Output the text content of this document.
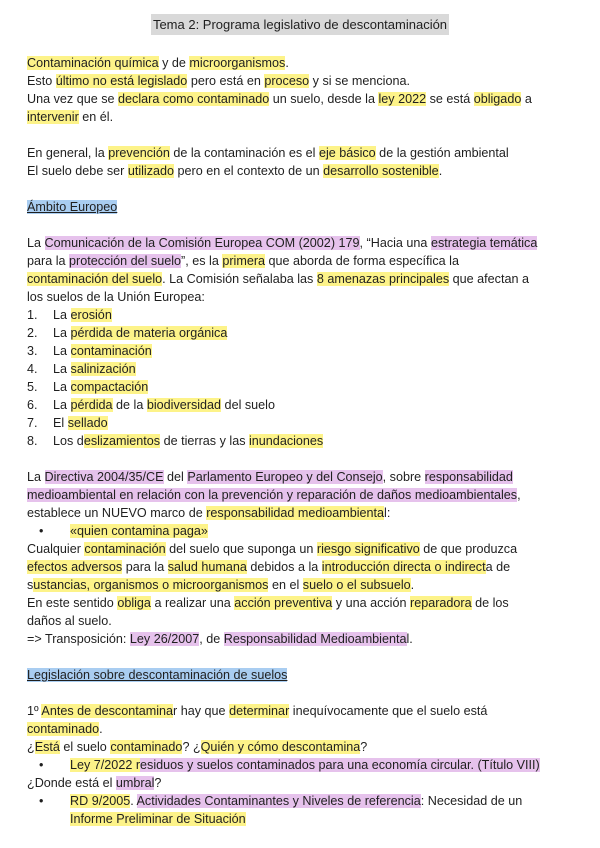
Tema 2: Programa legislativo de descontaminación

Contaminación química y de microorganismos.

Esto último no está legislado pero está en proceso y si se menciona.

Una vez que se declara como contaminado un suelo, desde la ley 2022 se está obligado a

intervenir en él.

En general, la prevención de la contaminación es el eje básico de la gestión ambiental

El suelo debe ser utilizado pero en el contexto de un desarrollo sostenible.

Ámbito Europeo

La Comunicación de la Comisión Europea COM (2002) 179, “Hacia una estrategia temática

para la protección del suelo”, es la primera que aborda de forma específica la

contaminación del suelo. La Comisión señalaba las 8 amenazas principales que afectan a

los suelos de la Unión Europea:

1. La erosión
2. La pérdida de materia orgánica
3. La contaminación
4. La salinización
5. La compactación
6. La pérdida de la biodiversidad del suelo
7. El sellado
8. Los deslizamientos de tierras y las inundaciones

La Directiva 2004/35/CE del Parlamento Europeo y del Consejo, sobre responsabilidad

medioambiental en relación con la prevención y reparación de daños medioambientales,

establece un NUEVO marco de responsabilidad medioambiental:

• «quien contamina paga»

Cualquier contaminación del suelo que suponga un riesgo significativo de que produzca

efectos adversos para la salud humana debidos a la introducción directa o indirecta de

sustancias, organismos o microorganismos en el suelo o el subsuelo.

En este sentido obliga a realizar una acción preventiva y una acción reparadora de los

daños al suelo.

=> Transposición: Ley 26/2007, de Responsabilidad Medioambiental.

Legislación sobre descontaminación de suelos

1º Antes de descontaminar hay que determinar inequívocamente que el suelo está

contaminado.

¿Está el suelo contaminado? ¿Quién y cómo descontamina?

• Ley 7/2022 residuos y suelos contaminados para una economía circular. (Título VIII)

¿Donde está el umbral?

• RD 9/2005. Actividades Contaminantes y Niveles de referencia: Necesidad de un
Informe Preliminar de Situación
